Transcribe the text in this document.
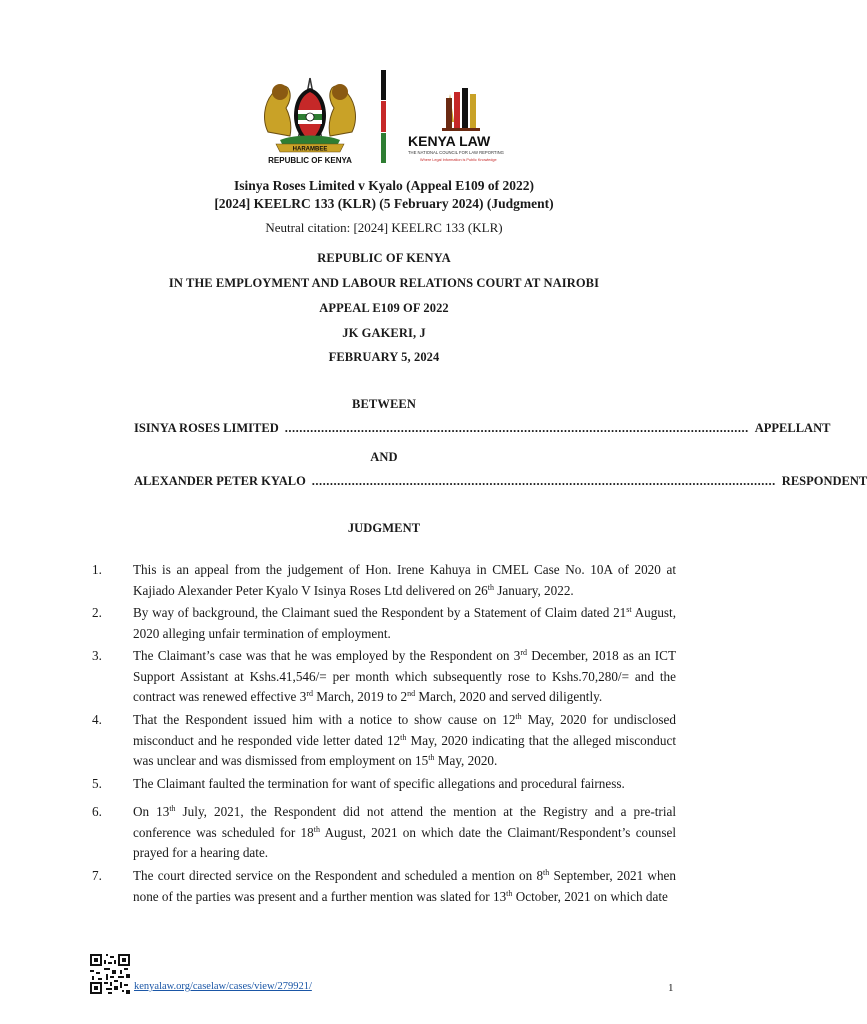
HARAMBEE
REPUBLIC OF KENYA
KENYA LAW
THE NATIONAL COUNCIL FOR LAW REPORTING
Where Legal Information is Public Knowledge
Isinya Roses Limited v Kyalo (Appeal E109 of 2022)
[2024] KEELRC 133 (KLR) (5 February 2024) (Judgment)
Neutral citation: [2024] KEELRC 133 (KLR)
REPUBLIC OF KENYA
IN THE EMPLOYMENT AND LABOUR RELATIONS COURT AT NAIROBI
APPEAL E109 OF 2022
JK GAKERI, J
FEBRUARY 5, 2024
BETWEEN
ISINYA ROSES LIMITED ................................................................................................................................ APPELLANT
AND
ALEXANDER PETER KYALO ................................................................................................................................ RESPONDENT
JUDGMENT
1.	This is an appeal from the judgement of Hon. Irene Kahuya in CMEL Case No. 10A of 2020 at Kajiado Alexander Peter Kyalo V Isinya Roses Ltd delivered on 26th January, 2022.
2.	By way of background, the Claimant sued the Respondent by a Statement of Claim dated 21st August, 2020 alleging unfair termination of employment.
3.	The Claimant’s case was that he was employed by the Respondent on 3rd December, 2018 as an ICT Support Assistant at Kshs.41,546/= per month which subsequently rose to Kshs.70,280/= and the contract was renewed effective 3rd March, 2019 to 2nd March, 2020 and served diligently.
4.	That the Respondent issued him with a notice to show cause on 12th May, 2020 for undisclosed misconduct and he responded vide letter dated 12th May, 2020 indicating that the alleged misconduct was unclear and was dismissed from employment on 15th May, 2020.
5.	The Claimant faulted the termination for want of specific allegations and procedural fairness.
6.	On 13th July, 2021, the Respondent did not attend the mention at the Registry and a pre-trial conference was scheduled for 18th August, 2021 on which date the Claimant/Respondent’s counsel prayed for a hearing date.
7.	The court directed service on the Respondent and scheduled a mention on 8th September, 2021 when none of the parties was present and a further mention was slated for 13th October, 2021 on which date
kenyalaw.org/caselaw/cases/view/279921/	1
